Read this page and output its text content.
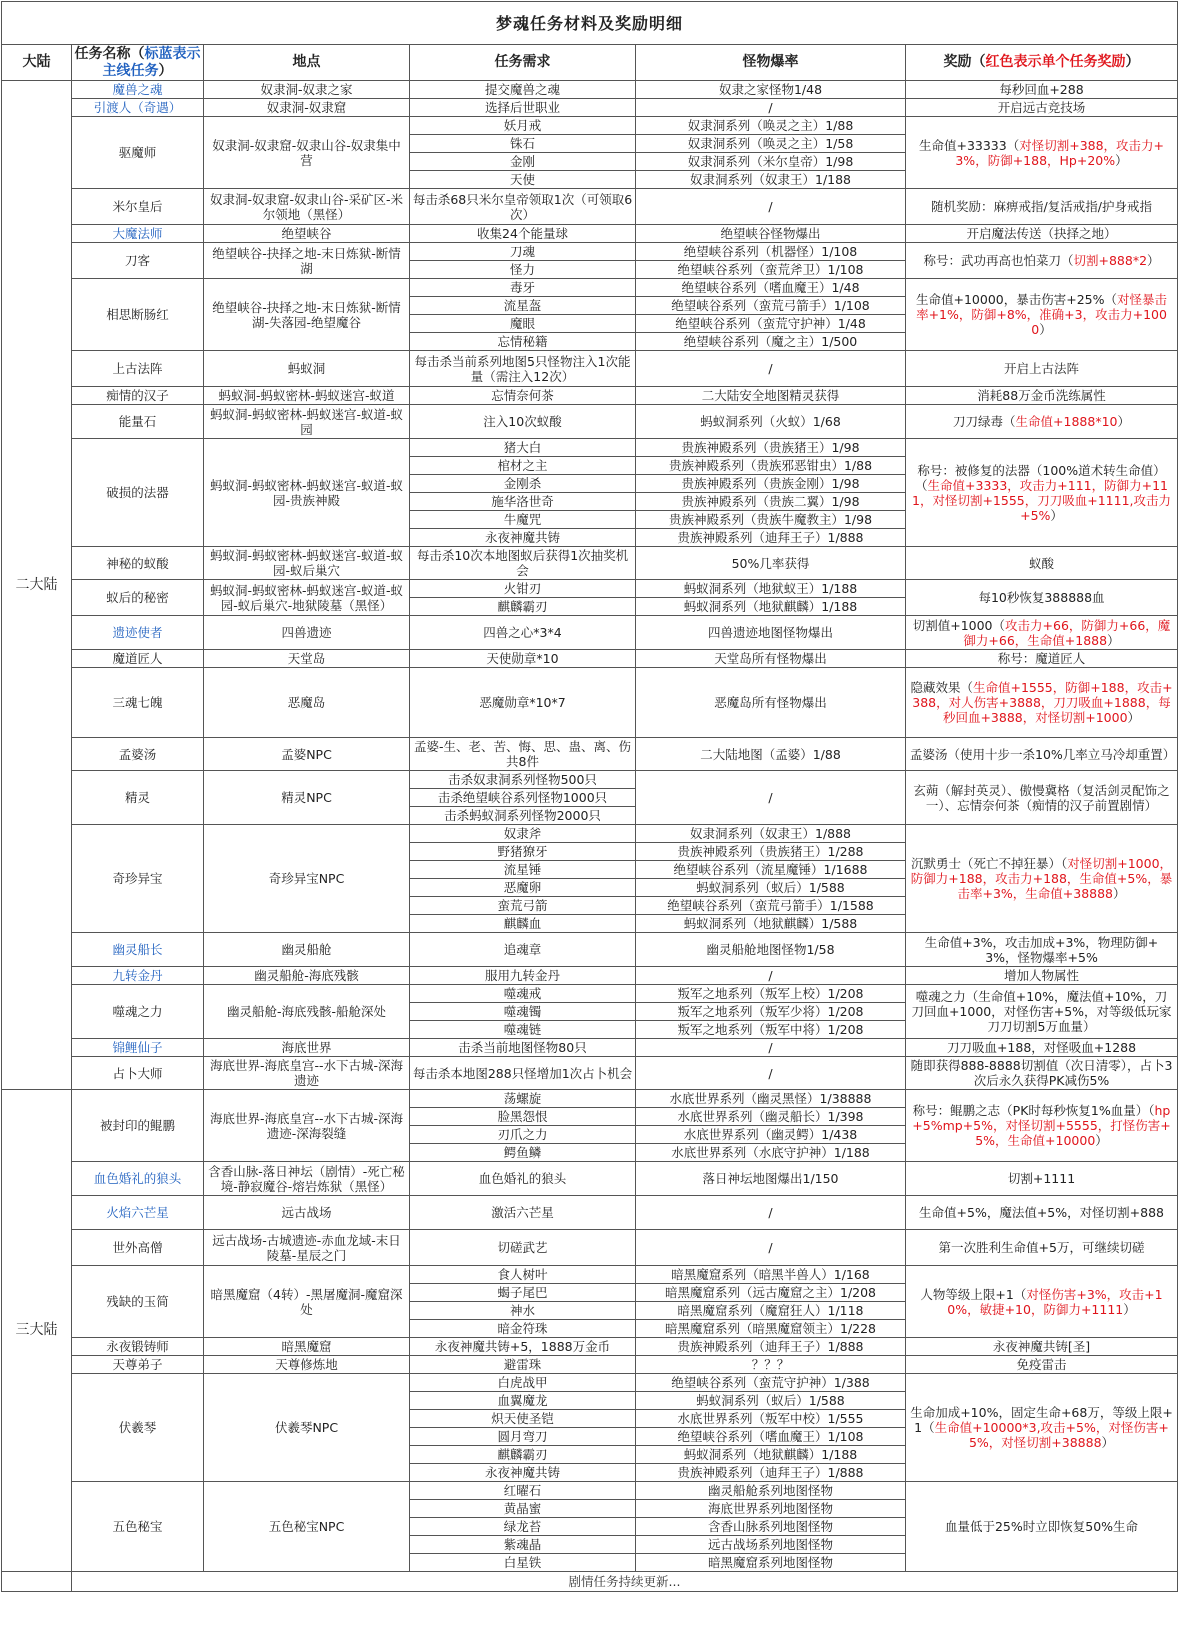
梦魂任务材料及奖励明细					
大陆	任务名称（标蓝表示主线任务）	地点	任务需求	怪物爆率	奖励（红色表示单个任务奖励）
二大陆	魔兽之魂	奴隶洞-奴隶之家	提交魔兽之魂	奴隶之家怪物1/48	每秒回血+288
	引渡人（奇遇）	奴隶洞-奴隶窟	选择后世职业	/	开启远古竞技场
	驱魔师	奴隶洞-奴隶窟-奴隶山谷-奴隶集中营	妖月戒	奴隶洞系列（唤灵之主）1/88	生命值+33333（对怪切割+388，攻击力+3%，防御+188，Hp+20%）
			铢石	奴隶洞系列（唤灵之主）1/58	
			金刚	奴隶洞系列（米尔皇帝）1/98	
			天使	奴隶洞系列（奴隶王）1/188	
	米尔皇后	奴隶洞-奴隶窟-奴隶山谷-采矿区-米尔领地（黑怪）	每击杀68只米尔皇帝领取1次（可领取6次）	/	随机奖励：麻痹戒指/复活戒指/护身戒指
	大魔法师	绝望峡谷	收集24个能量球	绝望峡谷怪物爆出	开启魔法传送（抉择之地）
	刀客	绝望峡谷-抉择之地-末日炼狱-断情湖	刀魂	绝望峡谷系列（机器怪）1/108	称号：武功再高也怕菜刀（切割+888*2）
			怪力	绝望峡谷系列（蛮荒斧卫）1/108	
	相思断肠红	绝望峡谷-抉择之地-末日炼狱-断情湖-失落园-绝望魔谷	毒牙	绝望峡谷系列（嗜血魔王）1/48	生命值+10000，暴击伤害+25%（对怪暴击率+1%，防御+8%，准确+3，攻击力+1000）
			流星盔	绝望峡谷系列（蛮荒弓箭手）1/108	
			魔眼	绝望峡谷系列（蛮荒守护神）1/48	
			忘情秘籍	绝望峡谷系列（魔之主）1/500	
	上古法阵	蚂蚁洞	每击杀当前系列地图5只怪物注入1次能量（需注入12次）	/	开启上古法阵
	痴情的汉子	蚂蚁洞-蚂蚁密林-蚂蚁迷宫-蚁道	忘情奈何茶	二大陆安全地图精灵获得	消耗88万金币洗练属性
	能量石	蚂蚁洞-蚂蚁密林-蚂蚁迷宫-蚁道-蚁园	注入10次蚁酸	蚂蚁洞系列（火蚁）1/68	刀刀绿毒（生命值+1888*10）
	破损的法器	蚂蚁洞-蚂蚁密林-蚂蚁迷宫-蚁道-蚁园-贵族神殿	猪大白	贵族神殿系列（贵族猪王）1/98	称号：被修复的法器（100%道术转生命值）（生命值+3333，攻击力+111，防御力+111，对怪切割+1555，刀刀吸血+1111,攻击力+5%）
			棺材之主	贵族神殿系列（贵族邪恶钳虫）1/88	
			金刚杀	贵族神殿系列（贵族金刚）1/98	
			施华洛世奇	贵族神殿系列（贵族二翼）1/98	
			牛魔咒	贵族神殿系列（贵族牛魔教主）1/98	
			永夜神魔共铸	贵族神殿系列（迪拜王子）1/888	
	神秘的蚁酸	蚂蚁洞-蚂蚁密林-蚂蚁迷宫-蚁道-蚁园-蚁后巢穴	每击杀10次本地图蚁后获得1次抽奖机会	50%几率获得	蚁酸
	蚁后的秘密	蚂蚁洞-蚂蚁密林-蚂蚁迷宫-蚁道-蚁园-蚁后巢穴-地狱陵墓（黑怪）	火钳刃	蚂蚁洞系列（地狱蚁王）1/188	每10秒恢复388888血
			麒麟霸刃	蚂蚁洞系列（地狱麒麟）1/188	
	遗迹使者	四兽遗迹	四兽之心*3*4	四兽遗迹地图怪物爆出	切割值+1000（攻击力+66，防御力+66，魔御力+66，生命值+1888）
	魔道匠人	天堂岛	天使勋章*10	天堂岛所有怪物爆出	称号：魔道匠人
	三魂七魄	恶魔岛	恶魔勋章*10*7	恶魔岛所有怪物爆出	隐藏效果（生命值+1555，防御+188，攻击+388，对人伤害+3888，刀刀吸血+1888，每秒回血+3888，对怪切割+1000）
	孟婆汤	孟婆NPC	孟婆-生、老、苦、悔、思、蛊、离、伤共8件	二大陆地图（孟婆）1/88	孟婆汤（使用十步一杀10%几率立马冷却重置）
	精灵	精灵NPC	击杀奴隶洞系列怪物500只	/	玄蒴（解封英灵）、傲慢冀格（复活剑灵配饰之一）、忘情奈何茶（痴情的汉子前置剧情）
			击杀绝望峡谷系列怪物1000只		
			击杀蚂蚁洞系列怪物2000只		
	奇珍异宝	奇珍异宝NPC	奴隶斧	奴隶洞系列（奴隶王）1/888	沉默勇士（死亡不掉狂暴）（对怪切割+1000，防御力+188，攻击力+188，生命值+5%，暴击率+3%，生命值+38888）
			野猪獠牙	贵族神殿系列（贵族猪王）1/288	
			流星锤	绝望峡谷系列（流星魔锤）1/1688	
			恶魔卵	蚂蚁洞系列（蚁后）1/588	
			蛮荒弓箭	绝望峡谷系列（蛮荒弓箭手）1/1588	
			麒麟血	蚂蚁洞系列（地狱麒麟）1/588	
	幽灵船长	幽灵船舱	追魂章	幽灵船舱地图怪物1/58	生命值+3%，攻击加成+3%，物理防御+3%，怪物爆率+5%
	九转金丹	幽灵船舱-海底残骸	服用九转金丹	/	增加人物属性
	噬魂之力	幽灵船舱-海底残骸-船舱深处	噬魂戒	叛军之地系列（叛军上校）1/208	噬魂之力（生命值+10%，魔法值+10%，刀刀回血+1000，对怪伤害+5%，对等级低玩家刀刀切割5万血量）
			噬魂镯	叛军之地系列（叛军少将）1/208	
			噬魂链	叛军之地系列（叛军中将）1/208	
	锦鲤仙子	海底世界	击杀当前地图怪物80只	/	刀刀吸血+188，对怪吸血+1288
	占卜大师	海底世界-海底皇宫--水下古城-深海遗迹	每击杀本地图288只怪增加1次占卜机会	/	随即获得888-8888切割值（次日清零），占卜3次后永久获得PK减伤5%
三大陆	被封印的鲲鹏	海底世界-海底皇宫--水下古城-深海遗迹-深海裂缝	荡螺旋	水底世界系列（幽灵黑怪）1/38888	称号：鲲鹏之志（PK时每秒恢复1%血量）（hp+5%mp+5%，对怪切割+5555，打怪伤害+5%，生命值+10000）
			脸黑怨恨	水底世界系列（幽灵船长）1/398	
			刃爪之力	水底世界系列（幽灵鳄）1/438	
			鳄鱼鳞	水底世界系列（水底守护神）1/188	
	血色婚礼的狼头	含香山脉-落日神坛（剧情）-死亡秘境-静寂魔谷-熔岩炼狱（黑怪）	血色婚礼的狼头	落日神坛地图爆出1/150	切割+1111
	火焰六芒星	远古战场	激活六芒星	/	生命值+5%，魔法值+5%，对怪切割+888
	世外高僧	远古战场-古城遗迹-赤血龙域-末日陵墓-星辰之门	切磋武艺	/	第一次胜利生命值+5万，可继续切磋
	残缺的玉简	暗黑魔窟（4转）-黑屠魔洞-魔窟深处	食人树叶	暗黑魔窟系列（暗黑半兽人）1/168	人物等级上限+1（对怪伤害+3%，攻击+10%，敏捷+10，防御力+1111）
			蝎子尾巴	暗黑魔窟系列（远古魔窟之主）1/208	
			神水	暗黑魔窟系列（魔窟狂人）1/118	
			暗金符珠	暗黑魔窟系列（暗黑魔窟领主）1/228	
	永夜锻铸师	暗黑魔窟	永夜神魔共铸+5，1888万金币	贵族神殿系列（迪拜王子）1/888	永夜神魔共铸[圣]
	天尊弟子	天尊修炼地	避雷珠	？？？	免疫雷击
	伏羲琴	伏羲琴NPC	白虎战甲	绝望峡谷系列（蛮荒守护神）1/388	生命加成+10%，固定生命+68万，等级上限+1（生命值+10000*3,攻击+5%，对怪伤害+5%，对怪切割+38888）
			血翼魔龙	蚂蚁洞系列（蚁后）1/588	
			炽天使圣铠	水底世界系列（叛军中校）1/555	
			圆月弯刀	绝望峡谷系列（嗜血魔王）1/108	
			麒麟霸刃	蚂蚁洞系列（地狱麒麟）1/188	
			永夜神魔共铸	贵族神殿系列（迪拜王子）1/888	
	五色秘宝	五色秘宝NPC	红曜石	幽灵船舱系列地图怪物	血量低于25%时立即恢复50%生命
			黄晶蜜	海底世界系列地图怪物	
			绿龙苔	含香山脉系列地图怪物	
			紫魂晶	远古战场系列地图怪物	
			白星铁	暗黑魔窟系列地图怪物	
	剧情任务持续更新...				
